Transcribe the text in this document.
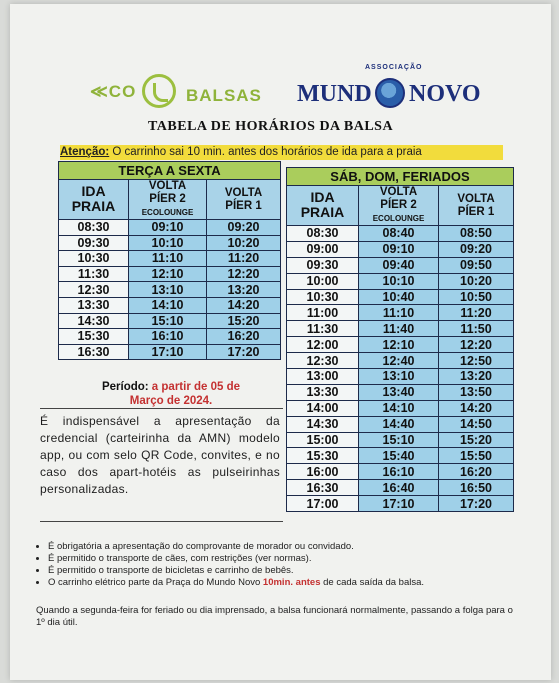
≪CO	BALSAS MUND
ASSOCIAÇÃO
NOVO
TABELA DE HORÁRIOS DA BALSA
Atenção: O carrinho sai 10 min. antes dos horários de ida para a praia
TERÇA A SEXTA		
IDA
PRAIA	VOLTA
PÍER 2
ECOLOUNGE	VOLTA
PÍER 1
08:30	09:10	09:20
09:30	10:10	10:20
10:30	11:10	11:20
11:30	12:10	12:20
12:30	13:10	13:20
13:30	14:10	14:20
14:30	15:10	15:20
15:30	16:10	16:20
16:30	17:10	17:20
SÁB, DOM, FERIADOS		
IDA
PRAIA	VOLTA
PÍER 2
ECOLOUNGE	VOLTA
PÍER 1
08:30	08:40	08:50
09:00	09:10	09:20
09:30	09:40	09:50
10:00	10:10	10:20
10:30	10:40	10:50
11:00	11:10	11:20
11:30	11:40	11:50
12:00	12:10	12:20
12:30	12:40	12:50
13:00	13:10	13:20
13:30	13:40	13:50
14:00	14:10	14:20
14:30	14:40	14:50
15:00	15:10	15:20
15:30	15:40	15:50
16:00	16:10	16:20
16:30	16:40	16:50
17:00	17:10	17:20
Período: a partir de 05 de
Março de 2024.
É indispensável a apresentação da credencial (carteirinha da AMN) modelo app, ou com selo QR Code, convites, e no caso dos apart-hotéis as pulseirinhas personalizadas.
• É obrigatória a apresentação do comprovante de morador ou convidado.
• É permitido o transporte de cães, com restrições (ver normas).
• É permitido o transporte de bicicletas e carrinho de bebês.
• O carrinho elétrico parte da Praça do Mundo Novo 10min. antes de cada saída da balsa.
Quando a segunda-feira for feriado ou dia imprensado, a balsa funcionará normalmente, passando a folga para o 1º dia útil.
